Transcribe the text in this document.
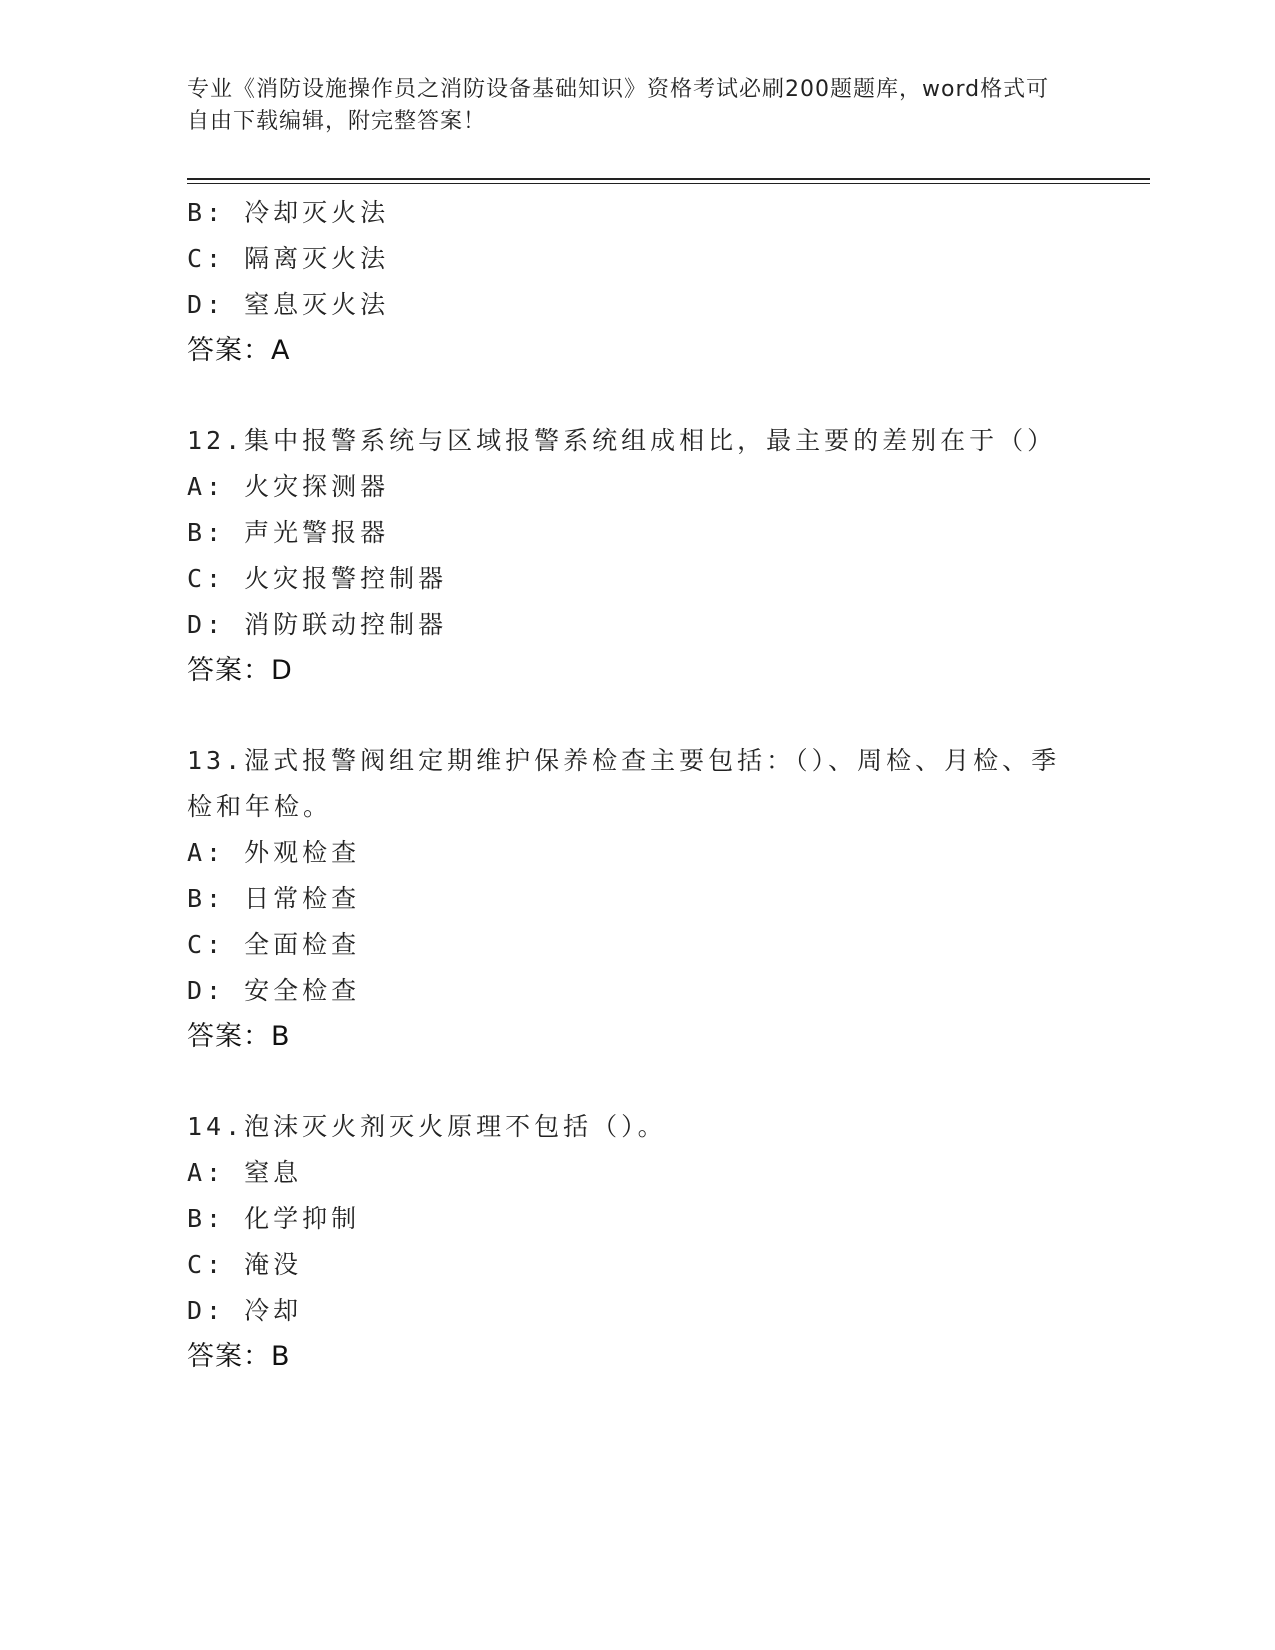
专业《消防设施操作员之消防设备基础知识》资格考试必刷200题题库，word格式可自由下载编辑，附完整答案！
B: 冷却灭火法
C: 隔离灭火法
D: 窒息灭火法
答案：A
12.集中报警系统与区域报警系统组成相比，最主要的差别在于（）
A: 火灾探测器
B: 声光警报器
C: 火灾报警控制器
D: 消防联动控制器
答案：D
13.湿式报警阀组定期维护保养检查主要包括：（）、周检、月检、季检和年检。
A: 外观检查
B: 日常检查
C: 全面检查
D: 安全检查
答案：B
14.泡沫灭火剂灭火原理不包括（）。
A: 窒息
B: 化学抑制
C: 淹没
D: 冷却
答案：B
